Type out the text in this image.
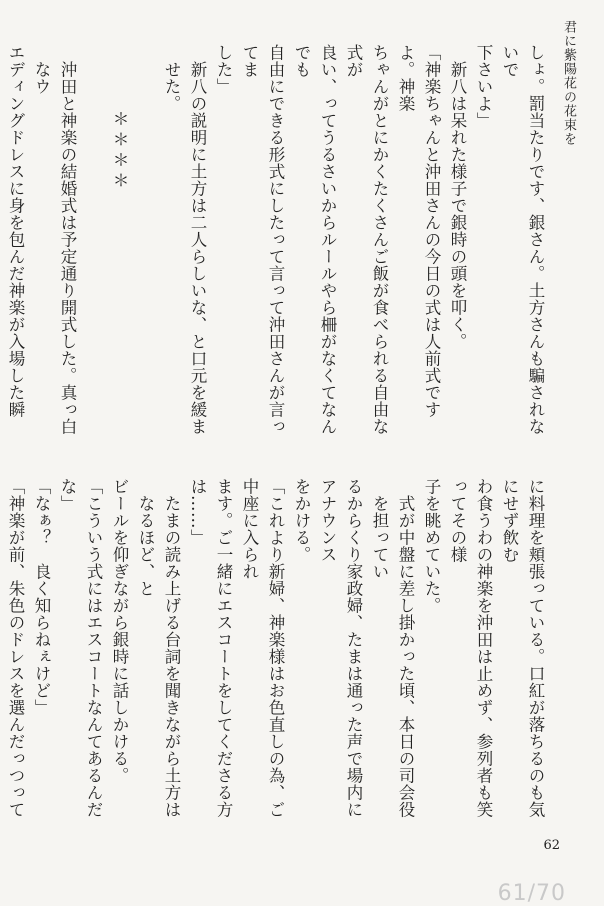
君に紫陽花の花束を

しょ。罰当たりです、銀さん。土方さんも騙されないで

下さいよ」

新八は呆れた様子で銀時の頭を叩く。

「神楽ちゃんと沖田さんの今日の式は人前式ですよ。神楽

ちゃんがとにかくたくさんご飯が食べられる自由な式が

良い、ってうるさいからルールやら柵がなくてなんでも

自由にできる形式にしたって言って沖田さんが言ってま

した」

新八の説明に土方は二人らしいな、と口元を緩ませた。

＊＊＊＊

沖田と神楽の結婚式は予定通り開式した。真っ白なウ

エディングドレスに身を包んだ神楽が入場した瞬

に料理を頬張っている。口紅が落ちるのも気にせず飲む

わ食うわの神楽を沖田は止めず、参列者も笑ってその様

子を眺めていた。

式が中盤に差し掛かった頃、本日の司会役を担ってい

るからくり家政婦、たまは通った声で場内にアナウンス

をかける。

「これより新婦、神楽様はお色直しの為、ご中座に入られ

ます。ご一緒にエスコートをしてくださる方は……」

たまの読み上げる台詞を聞きながら土方はなるほど、と

ビールを仰ぎながら銀時に話しかける。

「こういう式にはエスコートなんてあるんだな」

「なぁ？　良く知らねぇけど」

「神楽が前、朱色のドレスを選んだっつって

62
61/70
